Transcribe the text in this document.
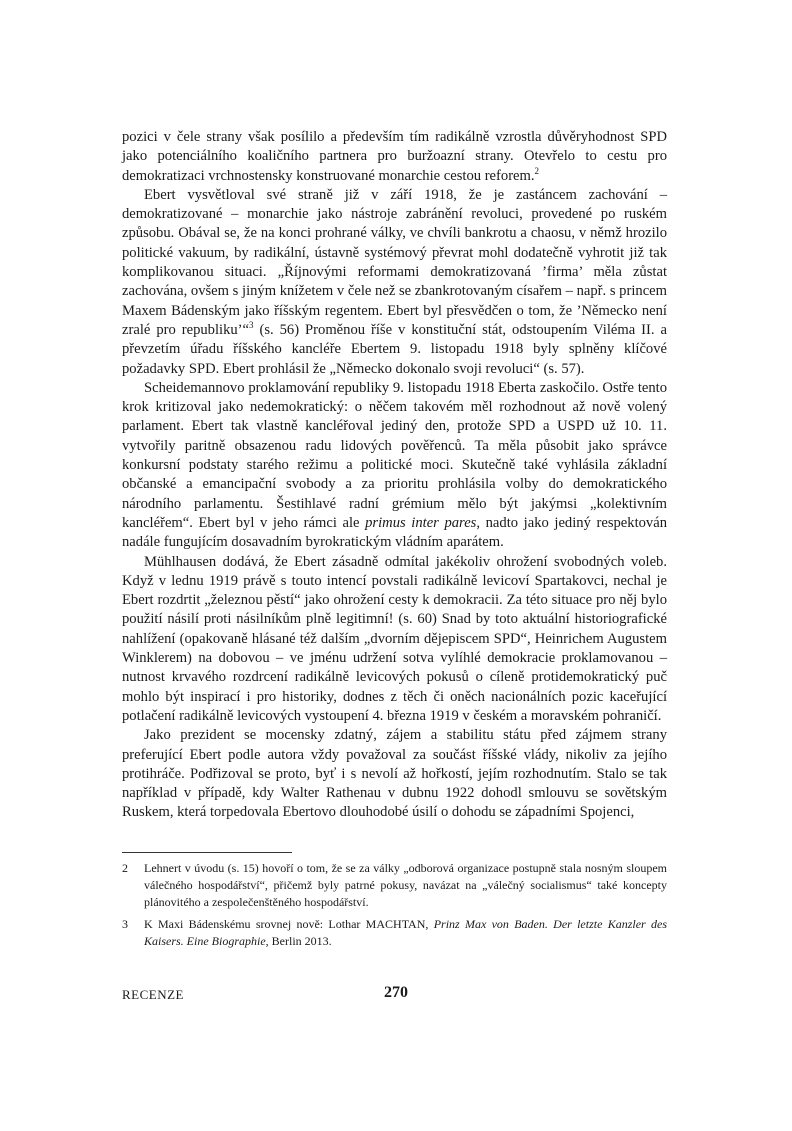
pozici v čele strany však posílilo a především tím radikálně vzrostla důvěryhodnost SPD jako potenciálního koaličního partnera pro buržoazní strany. Otevřelo to cestu pro demokratizaci vrchnostensky konstruované monarchie cestou reforem.$^2$

Ebert vysvětloval své straně již v září 1918, že je zastáncem zachování – demokratizované – monarchie jako nástroje zabránění revoluci, provedené po ruském způsobu. Obával se, že na konci prohrané války, ve chvíli bankrotu a chaosu, v němž hrozilo politické vakuum, by radikální, ústavně systémový převrat mohl dodatečně vyhrotit již tak komplikovanou situaci. „Říjnovými reformami demokratizovaná ’firma’ měla zůstat zachována, ovšem s jiným knížetem v čele než se zbankrotovaným císařem – např. s princem Maxem Bádenským jako říšským regentem. Ebert byl přesvědčen o tom, že ’Německo není zralé pro republiku’“$^3$ (s. 56) Proměnou říše v konstituční stát, odstoupením Viléma II. a převzetím úřadu říšského kancléře Ebertem 9. listopadu 1918 byly splněny klíčové požadavky SPD. Ebert prohlásil že „Německo dokonalo svoji revoluci“ (s. 57).

Scheidemannovo proklamování republiky 9. listopadu 1918 Eberta zaskočilo. Ostře tento krok kritizoval jako nedemokratický: o něčem takovém měl rozhodnout až nově volený parlament. Ebert tak vlastně kancléřoval jediný den, protože SPD a USPD už 10. 11. vytvořily paritně obsazenou radu lidových pověřenců. Ta měla působit jako správce konkursní podstaty starého režimu a politické moci. Skutečně také vyhlásila základní občanské a emancipační svobody a za prioritu prohlásila volby do demokratického národního parlamentu. Šestihlavé radní grémium mělo být jakýmsi „kolektivním kancléřem“. Ebert byl v jeho rámci ale primus inter pares, nadto jako jediný respektován nadále fungujícím dosavadním byrokratickým vládním aparátem.

Mühlhausen dodává, že Ebert zásadně odmítal jakékoliv ohrožení svobodných voleb. Když v lednu 1919 právě s touto intencí povstali radikálně levicoví Spartakovci, nechal je Ebert rozdrtit „železnou pěstí“ jako ohrožení cesty k demokracii. Za této situace pro něj bylo použití násilí proti násilníkům plně legitimní! (s. 60) Snad by toto aktuální historiografické nahlížení (opakovaně hlásané též dalším „dvorním dějepiscem SPD“, Heinrichem Augustem Winklerem) na dobovou – ve jménu udržení sotva vylíhlé demokracie proklamovanou – nutnost krvavého rozdrcení radikálně levicových pokusů o cíleně protidemokratický puč mohlo být inspirací i pro historiky, dodnes z těch či oněch nacionálních pozic kaceřující potlačení radikálně levicových vystoupení 4. března 1919 v českém a moravském pohraničí.

Jako prezident se mocensky zdatný, zájem a stabilitu státu před zájmem strany preferující Ebert podle autora vždy považoval za součást říšské vlády, nikoliv za jejího protihráče. Podřizoval se proto, byť i s nevolí až hořkostí, jejím rozhodnutím. Stalo se tak například v případě, kdy Walter Rathenau v dubnu 1922 dohodl smlouvu se sovětským Ruskem, která torpedovala Ebertovo dlouhodobé úsilí o dohodu se západními Spojenci,

2	Lehnert v úvodu (s. 15) hovoří o tom, že se za války „odborová organizace postupně stala nosným sloupem válečného hospodářství“, přičemž byly patrné pokusy, navázat na „válečný socialismus“ také koncepty plánovitého a zespolečenštěného hospodářství.
3	K Maxi Bádenskému srovnej nově: Lothar MACHTAN, Prinz Max von Baden. Der letzte Kanzler des Kaisers. Eine Biographie, Berlin 2013.
RECENZE	270
